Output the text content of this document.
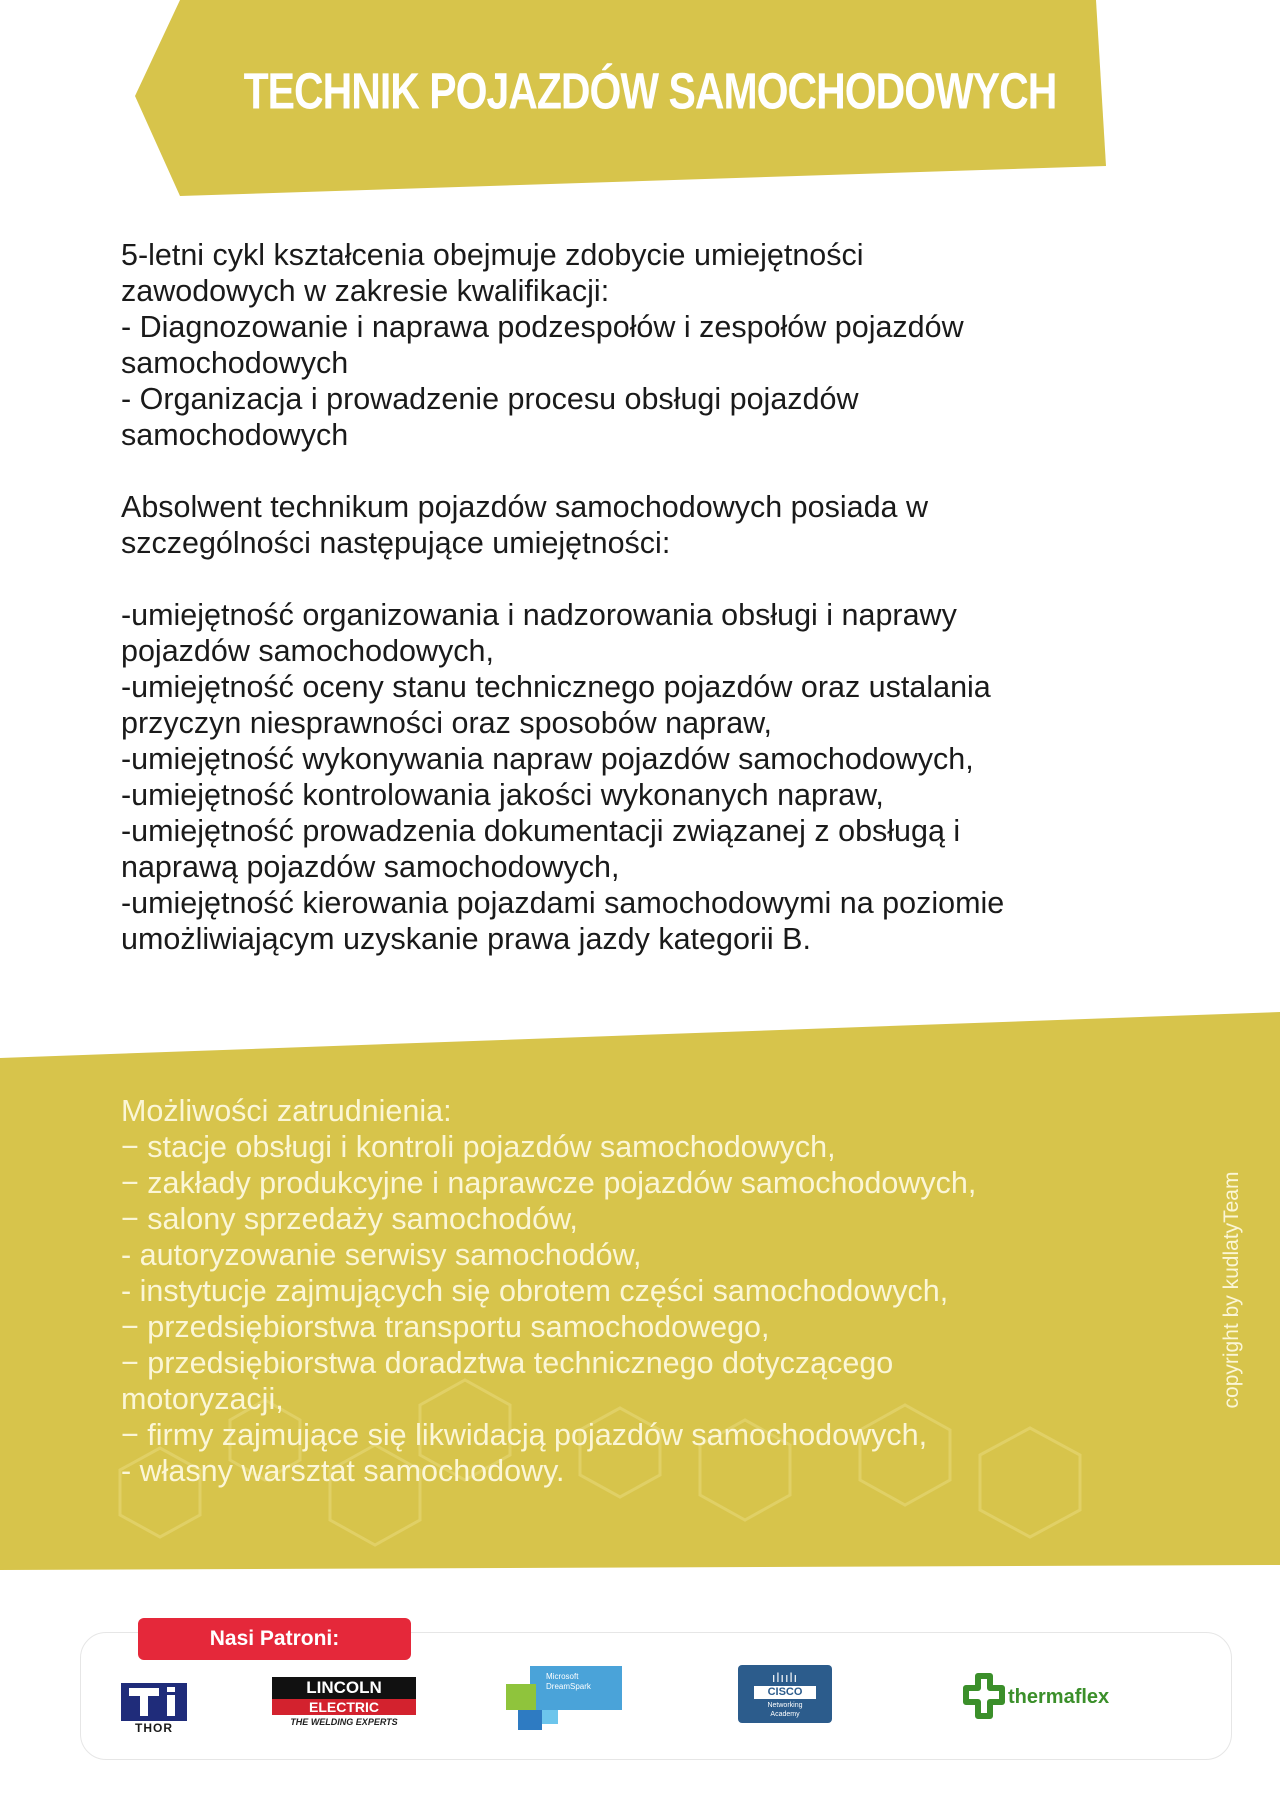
TECHNIK POJAZDÓW SAMOCHODOWYCH
5-letni cykl kształcenia obejmuje zdobycie umiejętności
zawodowych w zakresie kwalifikacji:
- Diagnozowanie i naprawa podzespołów i zespołów pojazdów
samochodowych
- Organizacja i prowadzenie procesu obsługi pojazdów
samochodowych
Absolwent technikum pojazdów samochodowych posiada w
szczególności następujące umiejętności:
-umiejętność organizowania i nadzorowania obsługi i naprawy
pojazdów samochodowych,
-umiejętność oceny stanu technicznego pojazdów oraz ustalania
przyczyn niesprawności oraz sposobów napraw,
-umiejętność wykonywania napraw pojazdów samochodowych,
-umiejętność kontrolowania jakości wykonanych napraw,
-umiejętność prowadzenia dokumentacji związanej z obsługą i
naprawą pojazdów samochodowych,
-umiejętność kierowania pojazdami samochodowymi na poziomie
umożliwiającym uzyskanie prawa jazdy kategorii B.
Możliwości zatrudnienia:
− stacje obsługi i kontroli pojazdów samochodowych,
− zakłady produkcyjne i naprawcze pojazdów samochodowych,
− salony sprzedaży samochodów,
- autoryzowanie serwisy samochodów,
- instytucje zajmujących się obrotem części samochodowych,
− przedsiębiorstwa transportu samochodowego,
− przedsiębiorstwa doradztwa technicznego dotyczącego
motoryzacji,
− firmy zajmujące się likwidacją pojazdów samochodowych,
- własny warsztat samochodowy.
copyright by kudlatyTeam
Nasi Patroni:
THOR
LINCOLN
ELECTRIC
THE WELDING EXPERTS
Microsoft
DreamSpark
ılıılı
CISCO
Networking
Academy
thermaflex
